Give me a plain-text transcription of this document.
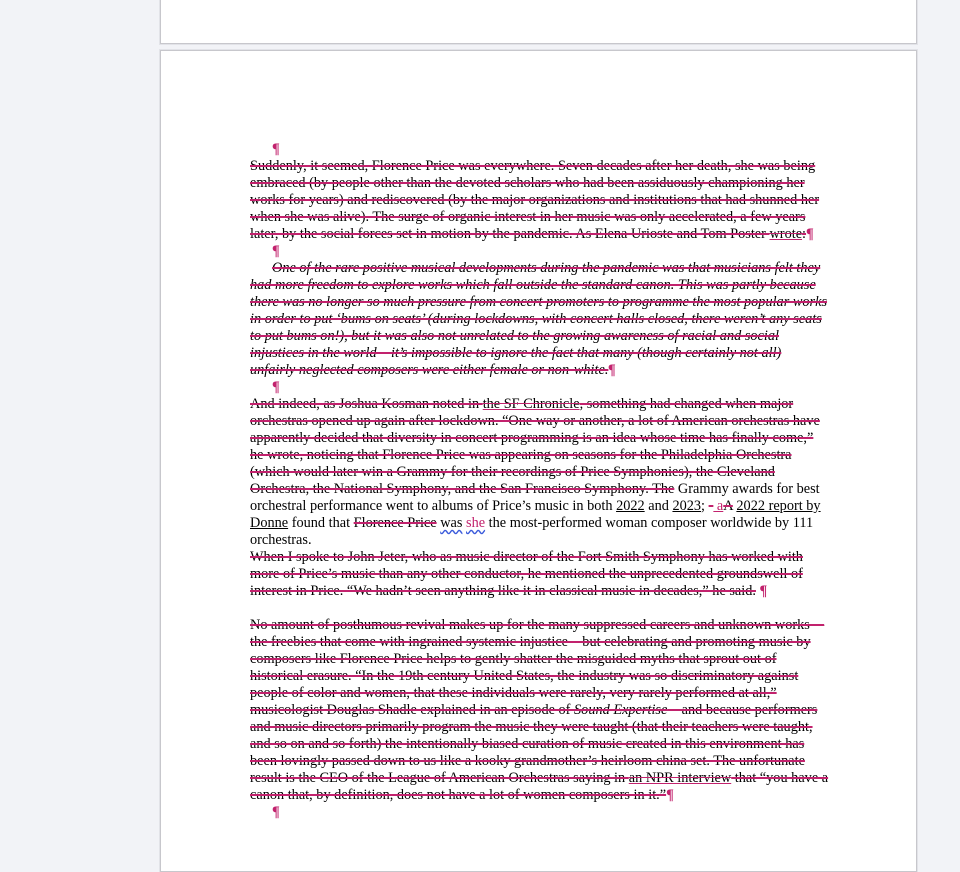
¶

Suddenly, it seemed, Florence Price was everywhere. Seven decades after her death, she was being embraced (by people other than the devoted scholars who had been assiduously championing her works for years) and rediscovered (by the major organizations and institutions that had shunned her when she was alive). The surge of organic interest in her music was only accelerated, a few years later, by the social forces set in motion by the pandemic. As Elena Urioste and Tom Poster wrote:¶

¶

One of the rare positive musical developments during the pandemic was that musicians felt they had more freedom to explore works which fall outside the standard canon. This was partly because there was no longer so much pressure from concert promoters to programme the most popular works in order to put ‘bums on seats’ (during lockdowns, with concert halls closed, there weren’t any seats to put bums on!), but it was also not unrelated to the growing awareness of racial and social injustices in the world – it’s impossible to ignore the fact that many (though certainly not all) unfairly neglected composers were either female or non-white.¶

¶

And indeed, as Joshua Kosman noted in the SF Chronicle, something had changed when major orchestras opened up again after lockdown. “One way or another, a lot of American orchestras have apparently decided that diversity in concert programming is an idea whose time has finally come,” he wrote, noticing that Florence Price was appearing on seasons for the Philadelphia Orchestra (which would later win a Grammy for their recordings of Price Symphonies), the Cleveland Orchestra, the National Symphony, and the San Francisco Symphony. The Grammy awards for best orchestral performance went to albums of Price’s music in both 2022 and 2023; - aA 2022 report by Donne found that Florence Price was she the most-performed woman composer worldwide by 111 orchestras.

When I spoke to John Jeter, who as music director of the Fort Smith Symphony has worked with more of Price’s music than any other conductor, he mentioned the unprecedented groundswell of interest in Price. “We hadn’t seen anything like it in classical music in decades,” he said. ¶

No amount of posthumous revival makes up for the many suppressed careers and unknown works—the freebies that come with ingrained systemic injustice—but celebrating and promoting music by composers like Florence Price helps to gently shatter the misguided myths that sprout out of historical erasure. “In the 19th century United States, the industry was so discriminatory against people of color and women, that these individuals were rarely, very rarely performed at all,” musicologist Douglas Shadle explained in an episode of Sound Expertise—and because performers and music directors primarily program the music they were taught (that their teachers were taught, and so on and so forth) the intentionally biased curation of music created in this environment has been lovingly passed down to us like a kooky grandmother’s heirloom china set. The unfortunate result is the CEO of the League of American Orchestras saying in an NPR interview that “you have a canon that, by definition, does not have a lot of women composers in it.”¶

¶
